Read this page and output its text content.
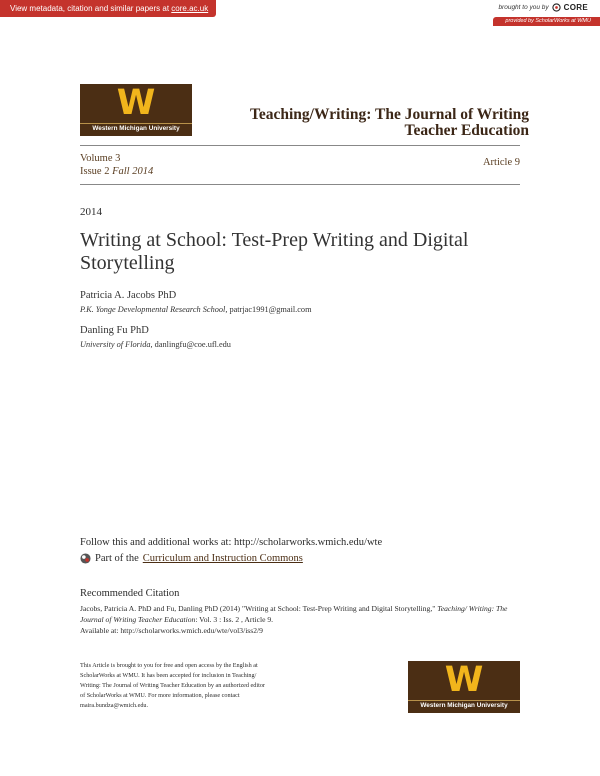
View metadata, citation and similar papers at core.ac.uk	brought to you by CORE
provided by ScholarWorks at WMU
W
Western Michigan University
Teaching/Writing: The Journal of Writing
Teacher Education
Volume 3
Issue 2 Fall 2014
Article 9
2014
Writing at School: Test-Prep Writing and Digital
Storytelling
Patricia A. Jacobs PhD
P.K. Yonge Developmental Research School, patrjac1991@gmail.com
Danling Fu PhD
University of Florida, danlingfu@coe.ufl.edu
Follow this and additional works at: http://scholarworks.wmich.edu/wte
Part of the Curriculum and Instruction Commons
Recommended Citation
Jacobs, Patricia A. PhD and Fu, Danling PhD (2014) "Writing at School: Test-Prep Writing and Digital Storytelling," Teaching/ Writing: The Journal of Writing Teacher Education: Vol. 3 : Iss. 2 , Article 9.
Available at: http://scholarworks.wmich.edu/wte/vol3/iss2/9
This Article is brought to you for free and open access by the English at
ScholarWorks at WMU. It has been accepted for inclusion in Teaching/
Writing: The Journal of Writing Teacher Education by an authorized editor
of ScholarWorks at WMU. For more information, please contact
maira.bundza@wmich.edu.
W
Western Michigan University
